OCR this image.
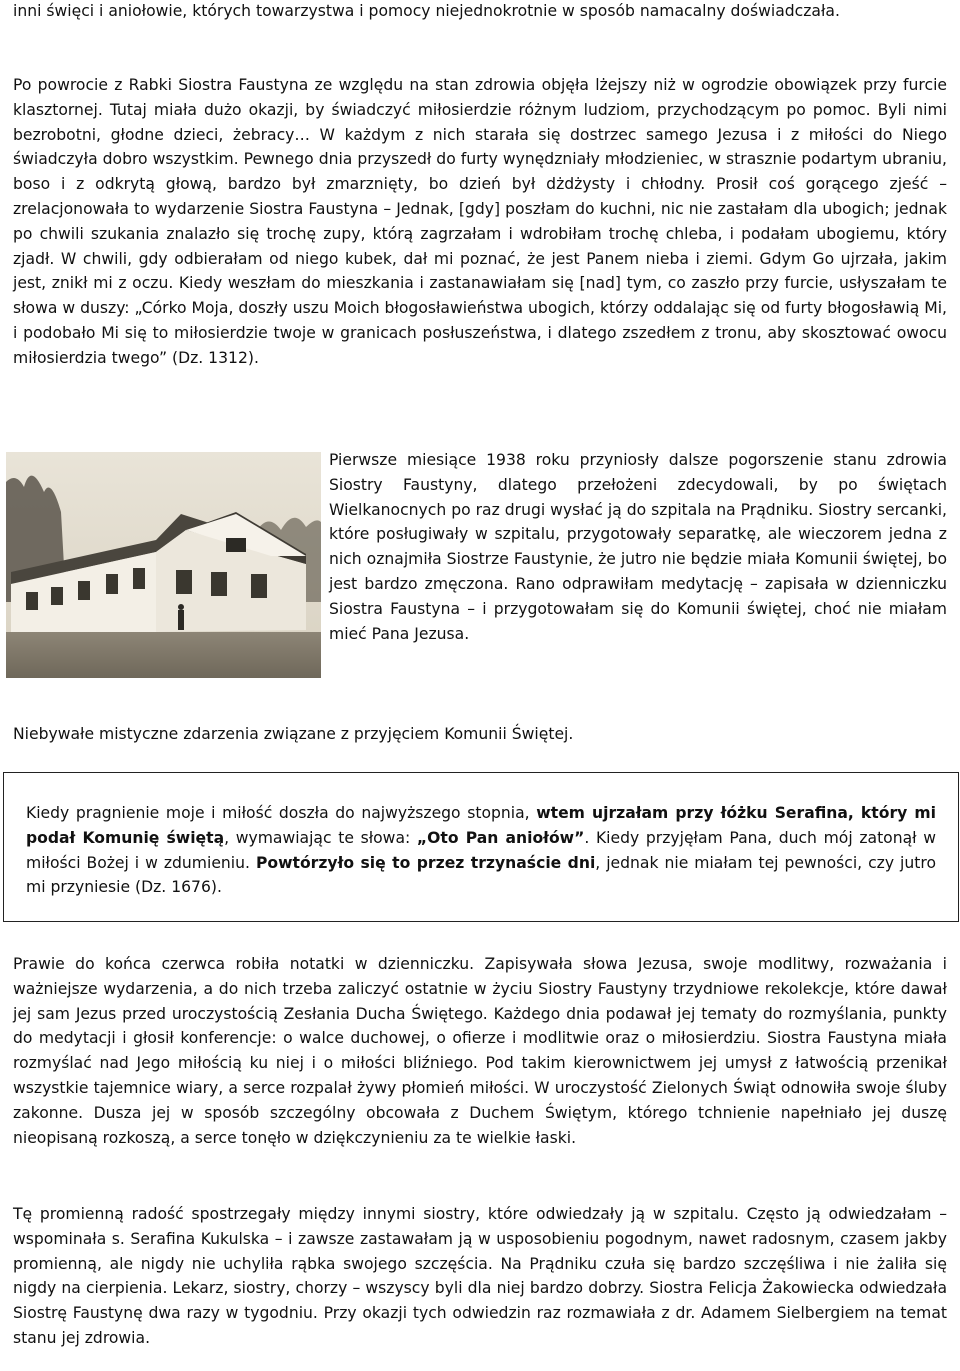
inni święci i aniołowie, których towarzystwa i pomocy niejednokrotnie w sposób namacalny doświadczała.

Po powrocie z Rabki Siostra Faustyna ze względu na stan zdrowia objęła lżejszy niż w ogrodzie obowiązek przy furcie klasztornej. Tutaj miała dużo okazji, by świadczyć miłosierdzie różnym ludziom, przychodzącym po pomoc. Byli nimi bezrobotni, głodne dzieci, żebracy… W każdym z nich starała się dostrzec samego Jezusa i z miłości do Niego świadczyła dobro wszystkim. Pewnego dnia przyszedł do furty wynędzniały młodzieniec, w strasznie podartym ubraniu, boso i z odkrytą głową, bardzo był zmarznięty, bo dzień był dżdżysty i chłodny. Prosił coś gorącego zjeść – zrelacjonowała to wydarzenie Siostra Faustyna – Jednak, [gdy] poszłam do kuchni, nic nie zastałam dla ubogich; jednak po chwili szukania znalazło się trochę zupy, którą zagrzałam i wdrobiłam trochę chleba, i podałam ubogiemu, który zjadł. W chwili, gdy odbierałam od niego kubek, dał mi poznać, że jest Panem nieba i ziemi. Gdym Go ujrzała, jakim jest, znikł mi z oczu. Kiedy weszłam do mieszkania i zastanawiałam się [nad] tym, co zaszło przy furcie, usłyszałam te słowa w duszy: „Córko Moja, doszły uszu Moich błogosławieństwa ubogich, którzy oddalając się od furty błogosławią Mi, i podobało Mi się to miłosierdzie twoje w granicach posłuszeństwa, i dlatego zszedłem z tronu, aby skosztować owocu miłosierdzia twego” (Dz. 1312).

Pierwsze miesiące 1938 roku przyniosły dalsze pogorszenie stanu zdrowia Siostry Faustyny, dlatego przełożeni zdecydowali, by po świętach Wielkanocnych po raz drugi wysłać ją do szpitala na Prądniku. Siostry sercanki, które posługiwały w szpitalu, przygotowały separatkę, ale wieczorem jedna z nich oznajmiła Siostrze Faustynie, że jutro nie będzie miała Komunii świętej, bo jest bardzo zmęczona. Rano odprawiłam medytację – zapisała w dzienniczku Siostra Faustyna – i przygotowałam się do Komunii świętej, choć nie miałam mieć Pana Jezusa.

Niebywałe mistyczne zdarzenia związane z przyjęciem Komunii Świętej.

Kiedy pragnienie moje i miłość doszła do najwyższego stopnia, wtem ujrzałam przy łóżku Serafina, który mi podał Komunię świętą, wymawiając te słowa: „Oto Pan aniołów”. Kiedy przyjęłam Pana, duch mój zatonął w miłości Bożej i w zdumieniu. Powtórzyło się to przez trzynaście dni, jednak nie miałam tej pewności, czy jutro mi przyniesie (Dz. 1676).

Prawie do końca czerwca robiła notatki w dzienniczku. Zapisywała słowa Jezusa, swoje modlitwy, rozważania i ważniejsze wydarzenia, a do nich trzeba zaliczyć ostatnie w życiu Siostry Faustyny trzydniowe rekolekcje, które dawał jej sam Jezus przed uroczystością Zesłania Ducha Świętego. Każdego dnia podawał jej tematy do rozmyślania, punkty do medytacji i głosił konferencje: o walce duchowej, o ofierze i modlitwie oraz o miłosierdziu. Siostra Faustyna miała rozmyślać nad Jego miłością ku niej i o miłości bliźniego. Pod takim kierownictwem jej umysł z łatwością przenikał wszystkie tajemnice wiary, a serce rozpalał żywy płomień miłości. W uroczystość Zielonych Świąt odnowiła swoje śluby zakonne. Dusza jej w sposób szczególny obcowała z Duchem Świętym, którego tchnienie napełniało jej duszę nieopisaną rozkoszą, a serce tonęło w dziękczynieniu za te wielkie łaski.

Tę promienną radość spostrzegały między innymi siostry, które odwiedzały ją w szpitalu. Często ją odwiedzałam – wspominała s. Serafina Kukulska – i zawsze zastawałam ją w usposobieniu pogodnym, nawet radosnym, czasem jakby promienną, ale nigdy nie uchyliła rąbka swojego szczęścia. Na Prądniku czuła się bardzo szczęśliwa i nie żaliła się nigdy na cierpienia. Lekarz, siostry, chorzy – wszyscy byli dla niej bardzo dobrzy. Siostra Felicja Żakowiecka odwiedzała Siostrę Faustynę dwa razy w tygodniu. Przy okazji tych odwiedzin raz rozmawiała z dr. Adamem Sielbergiem na temat stanu jej zdrowia.
